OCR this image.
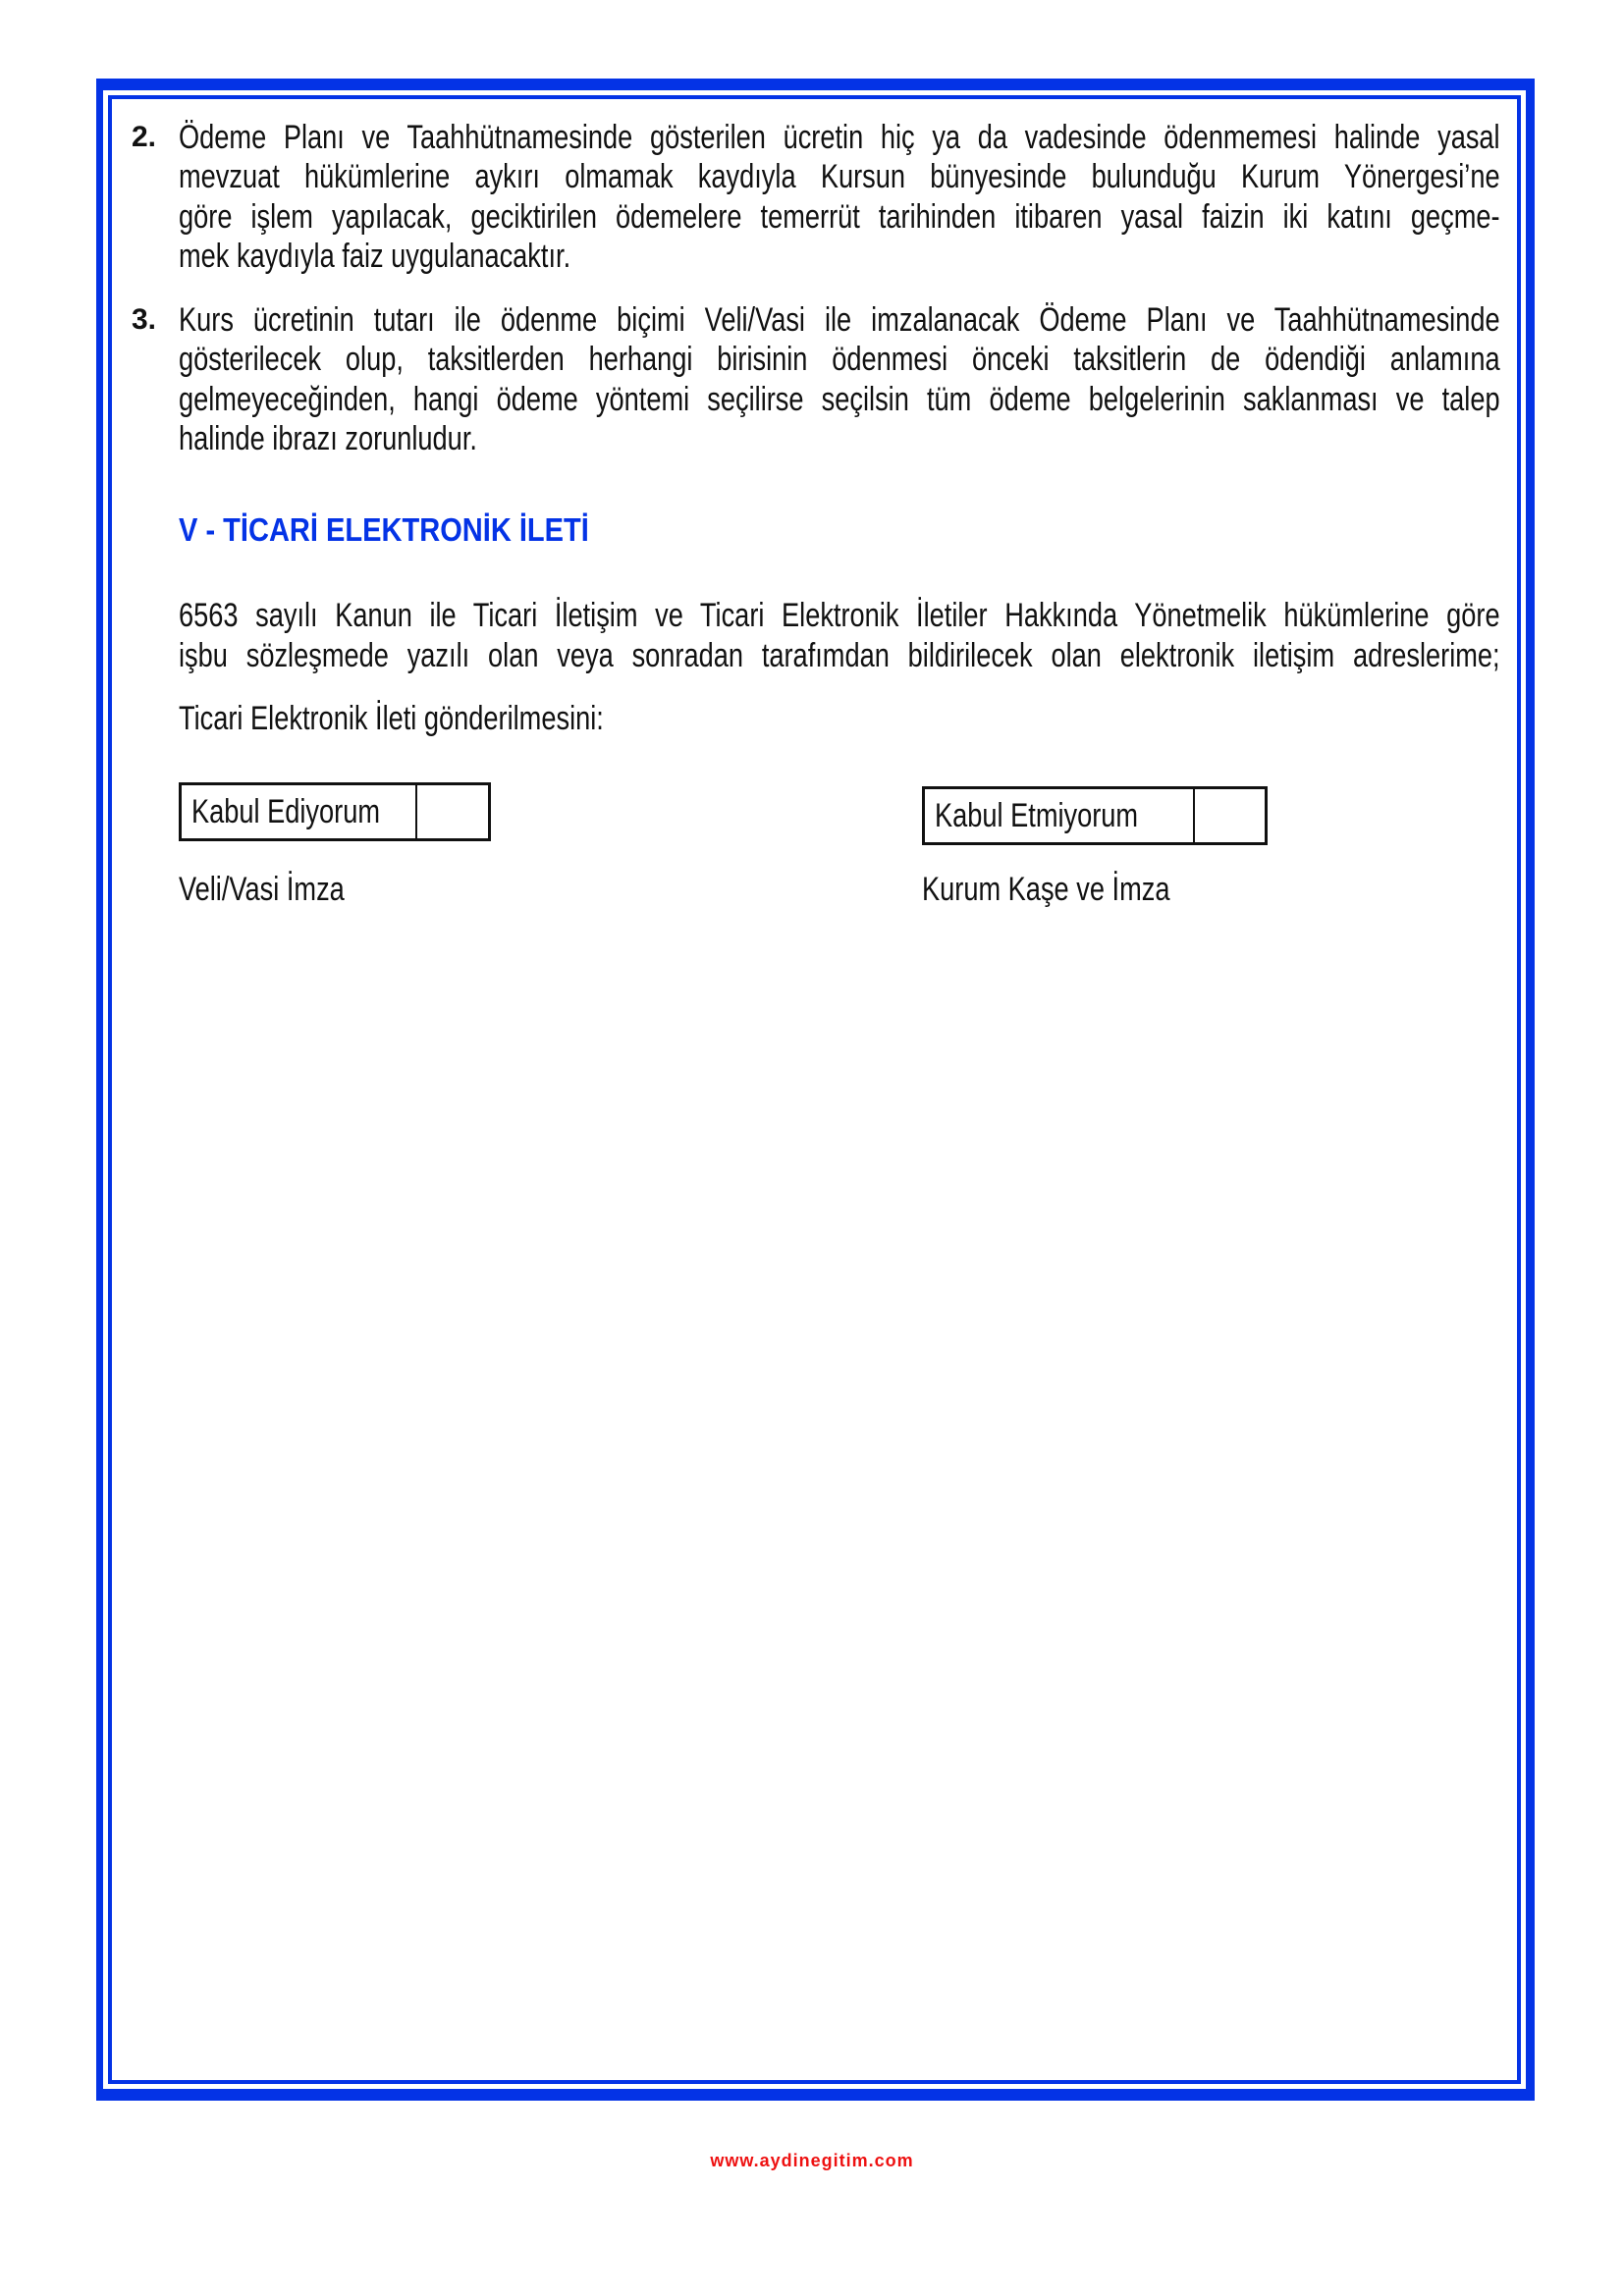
2. Ödeme Planı ve Taahhütnamesinde gösterilen ücretin hiç ya da vadesinde ödenmemesi halinde yasal
mevzuat hükümlerine aykırı olmamak kaydıyla Kursun bünyesinde bulunduğu Kurum Yönergesi’ne
göre işlem yapılacak, geciktirilen ödemelere temerrüt tarihinden itibaren yasal faizin iki katını geçme-
mek kaydıyla faiz uygulanacaktır.
3. Kurs ücretinin tutarı ile ödenme biçimi Veli/Vasi ile imzalanacak Ödeme Planı ve Taahhütnamesinde
gösterilecek olup, taksitlerden herhangi birisinin ödenmesi önceki taksitlerin de ödendiği anlamına
gelmeyeceğinden, hangi ödeme yöntemi seçilirse seçilsin tüm ödeme belgelerinin saklanması ve talep
halinde ibrazı zorunludur.
V - TİCARİ ELEKTRONİK İLETİ
6563 sayılı Kanun ile Ticari İletişim ve Ticari Elektronik İletiler Hakkında Yönetmelik hükümlerine göre
işbu sözleşmede yazılı olan veya sonradan tarafımdan bildirilecek olan elektronik iletişim adreslerime;
Ticari Elektronik İleti gönderilmesini:
Kabul Ediyorum	Kabul Etmiyorum
Veli/Vasi İmza	Kurum Kaşe ve İmza
www.aydinegitim.com
